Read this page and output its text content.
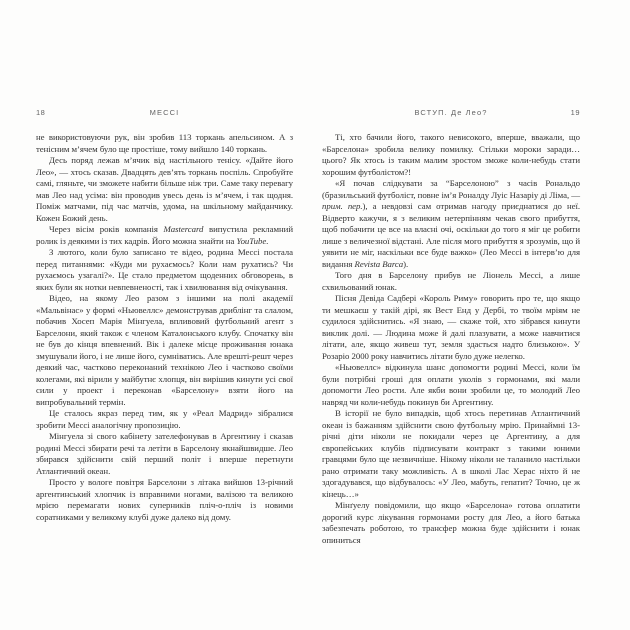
18	МЕССІ

не використовуючи рук, він зробив 113 торкань апельсином. А з тенісним м’ячем було ще простіше, тому вийшло 140 торкань.

Десь поряд лежав м’ячик від настільного тенісу. «Дайте його Лео», — хтось сказав. Двадцять дев’ять торкань поспіль. Спробуйте самі, гляньте, чи зможете набити більше ніж три. Саме таку перевагу мав Лео над усіма: він проводив увесь день із м’ячем, і так щодня. Поміж матчами, під час матчів, удома, на шкільному майданчику. Кожен Божий день.

Через вісім років компанія Mastercard випустила рекламний ролик із деякими із тих кадрів. Його можна знайти на YouTube.

З лютого, коли було записано те відео, родина Мессі постала перед питаннями: «Куди ми рухаємось? Коли нам рухатись? Чи рухаємось узагалі?». Це стало предметом щоденних обговорень, в яких були як нотки невпевненості, так і хвилювання від очікування.

Відео, на якому Лео разом з іншими на полі академії «Мальвінас» у формі «Ньювеллс» демонстрував дриблінг та слалом, побачив Хосеп Марія Мінгуела, впливовий футбольний агент з Барселони, який також є членом Каталонського клубу. Спочатку він не був до кінця впевнений. Вік і далеке місце проживання юнака змушували його, і не лише його, сумніватись. Але врешті-решт через деякий час, частково переконаний технікою Лео і частково своїми колегами, які вірили у майбутнє хлопця, він вирішив кинути усі свої сили у проект і переконав «Барселону» взяти його на випробувальний термін.

Це сталось якраз перед тим, як у «Реал Мадрид» зібралися зробити Мессі аналогічну пропозицію.

Мінгуела зі свого кабінету зателефонував в Аргентину і сказав родині Мессі збирати речі та летіти в Барселону якнайшвидше. Лео збирався здійснити свій перший політ і вперше перетнути Атлантичний океан.

Просто у вологе повітря Барселони з літака вийшов 13-річний аргентинський хлопчик із вправними ногами, валізою та великою мрією перемагати нових суперників пліч-о-пліч із новими соратниками у великому клубі дуже далеко від дому.

ВСТУП. Де Лео?	19

Ті, хто бачили його, такого невисокого, вперше, вважали, що «Барселона» зробила велику помилку. Стільки мороки заради… цього? Як хтось із таким малим зростом зможе коли-небудь стати хорошим футболістом?!

«Я почав слідкувати за “Барселоною” з часів Рональдо (бразильський футболіст, повне ім’я Роналду Луіс Назаріу ді Ліма, — прим. пер.), а невдовзі сам отримав нагоду приєднатися до неї. Відверто кажучи, я з великим нетерпінням чекав свого прибуття, щоб побачити це все на власні очі, оскільки до того я міг це робити лише з величезної відстані. Але після мого прибуття я зрозумів, що й уявити не міг, наскільки все буде важко» (Лео Мессі в інтерв’ю для видання Revista Barca).

Того дня в Барселону прибув не Ліонель Мессі, а лише схвильований юнак.

Пісня Девіда Садбері «Король Риму» говорить про те, що якщо ти мешкаєш у такій дірі, як Вест Енд у Дербі, то твоїм мріям не судилося здійснитись. «Я знаю, — скаже той, хто зібрався кинути виклик долі. — Людина може й далі плазувати, а може навчитися літати, але, якщо живеш тут, земля здасться надто близькою». У Розаріо 2000 року навчитись літати було дуже нелегко.

«Ньювеллс» відкинула шанс допомогти родині Мессі, коли їм були потрібні гроші для оплати уколів з гормонами, які мали допомогти Лео рости. Але якби вони зробили це, то молодий Лео навряд чи коли-небудь покинув би Аргентину.

В історії не було випадків, щоб хтось перетинав Атлантичний океан із бажанням здійснити свою футбольну мрію. Принаймні 13-річні діти ніколи не покидали через це Аргентину, а для європейських клубів підписувати контракт з такими юними гравцями було ще незвичніше. Нікому ніколи не таланило настільки рано отримати таку можливість. А в школі Лас Херас ніхто й не здогадувався, що відбувалось: «У Лео, мабуть, гепатит? Точно, це ж кінець…»

Мінґуелу повідомили, що якщо «Барселона» готова оплатити дорогий курс лікування гормонами росту для Лео, а його батька забезпечать роботою, то трансфер можна буде здійснити і юнак опиниться
